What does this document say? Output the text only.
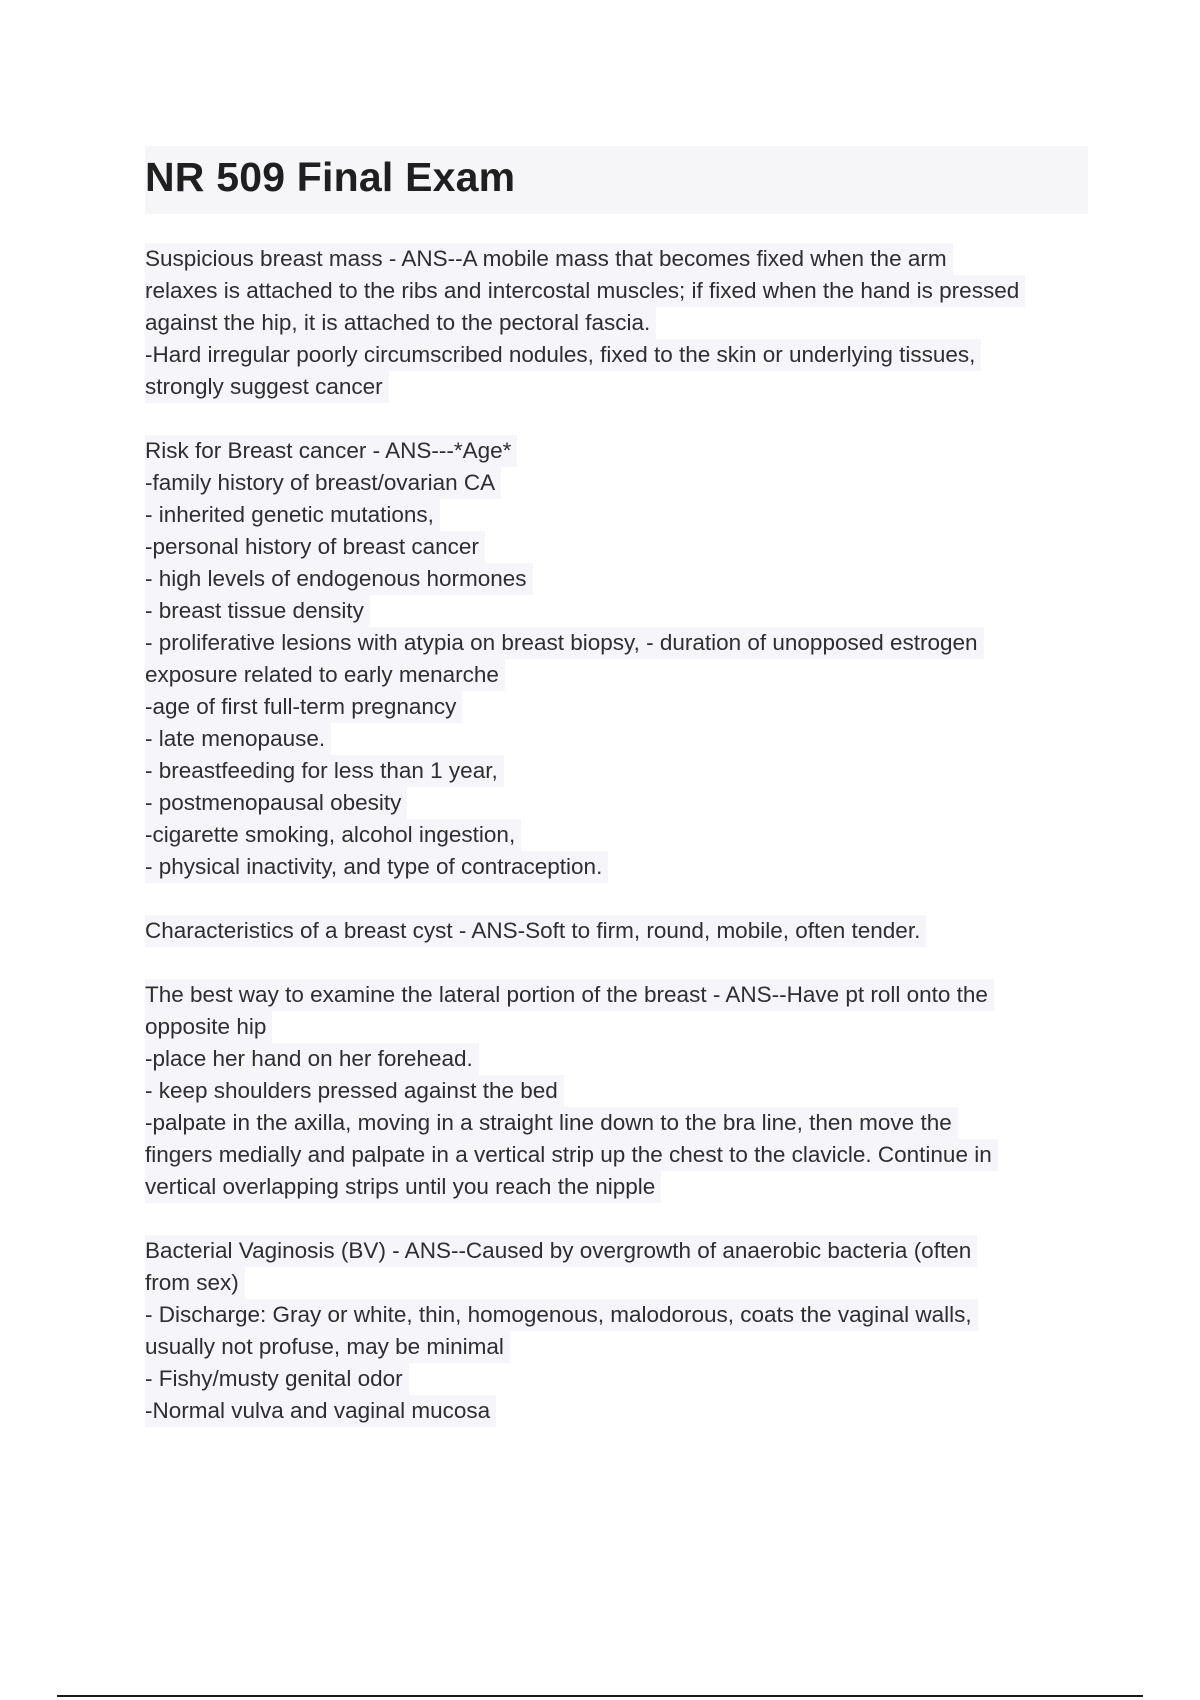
NR 509 Final Exam
Suspicious breast mass - ANS--A mobile mass that becomes fixed when the arm
relaxes is attached to the ribs and intercostal muscles; if fixed when the hand is pressed
against the hip, it is attached to the pectoral fascia.
-Hard irregular poorly circumscribed nodules, fixed to the skin or underlying tissues,
strongly suggest cancer
Risk for Breast cancer - ANS---*Age*
-family history of breast/ovarian CA
- inherited genetic mutations,
-personal history of breast cancer
- high levels of endogenous hormones
- breast tissue density
- proliferative lesions with atypia on breast biopsy, - duration of unopposed estrogen
exposure related to early menarche
-age of first full-term pregnancy
- late menopause.
- breastfeeding for less than 1 year,
- postmenopausal obesity
-cigarette smoking, alcohol ingestion,
- physical inactivity, and type of contraception.
Characteristics of a breast cyst - ANS-Soft to firm, round, mobile, often tender.
The best way to examine the lateral portion of the breast - ANS--Have pt roll onto the
opposite hip
-place her hand on her forehead.
- keep shoulders pressed against the bed
-palpate in the axilla, moving in a straight line down to the bra line, then move the
fingers medially and palpate in a vertical strip up the chest to the clavicle. Continue in
vertical overlapping strips until you reach the nipple
Bacterial Vaginosis (BV) - ANS--Caused by overgrowth of anaerobic bacteria (often
from sex)
- Discharge: Gray or white, thin, homogenous, malodorous, coats the vaginal walls,
usually not profuse, may be minimal
- Fishy/musty genital odor
-Normal vulva and vaginal mucosa
